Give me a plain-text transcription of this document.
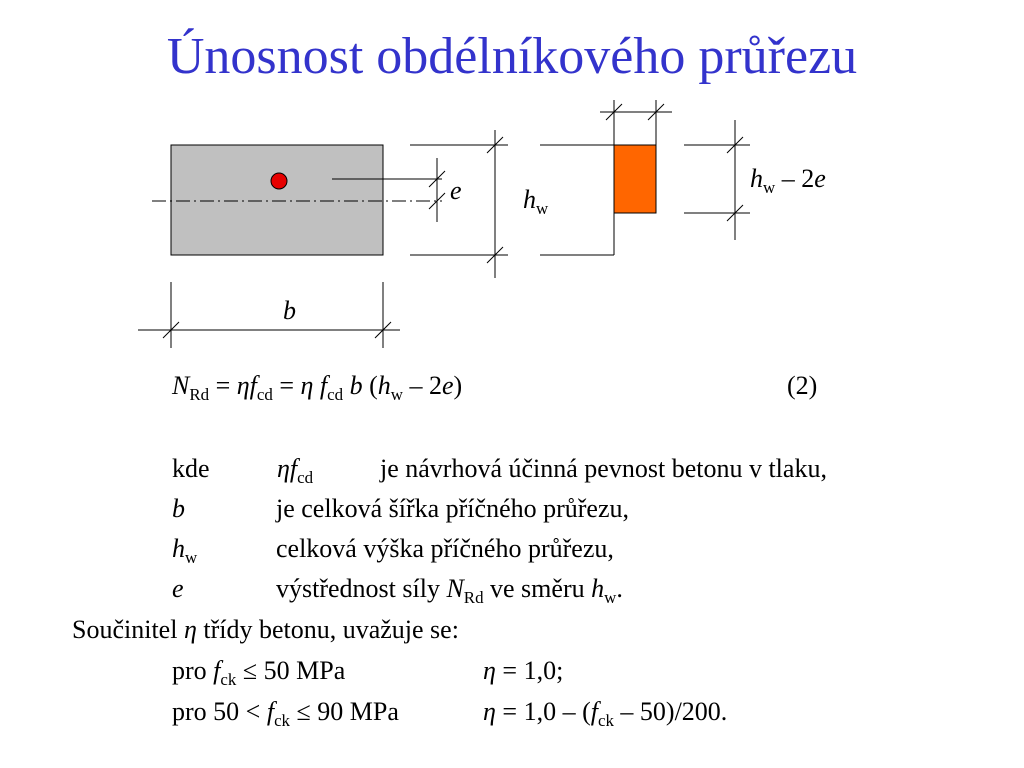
Únosnost obdélníkového průřezu
e $h_w$
$h_w - 2e$
b
$N_{Rd} = \eta f_{cd} = \eta$ $f_{cd}$ b $(h_w - 2e)$	(2)
kde	$\eta f_{cd}$	je návrhová účinná pevnost betonu v tlaku,
b	je celková šířka příčného průřezu,
$h_w$	celková výška příčného průřezu,
e	výstřednost síly $N_{Rd}$ ve směru $h_w$.
Součinitel η třídy betonu, uvažuje se:
pro $f_{ck} \le 50$ MPa	η = 1,0;
pro $50 < f_{ck} \le 90$ MPa	$\eta = 1,0 - (f_{ck} - 50)/200$.
